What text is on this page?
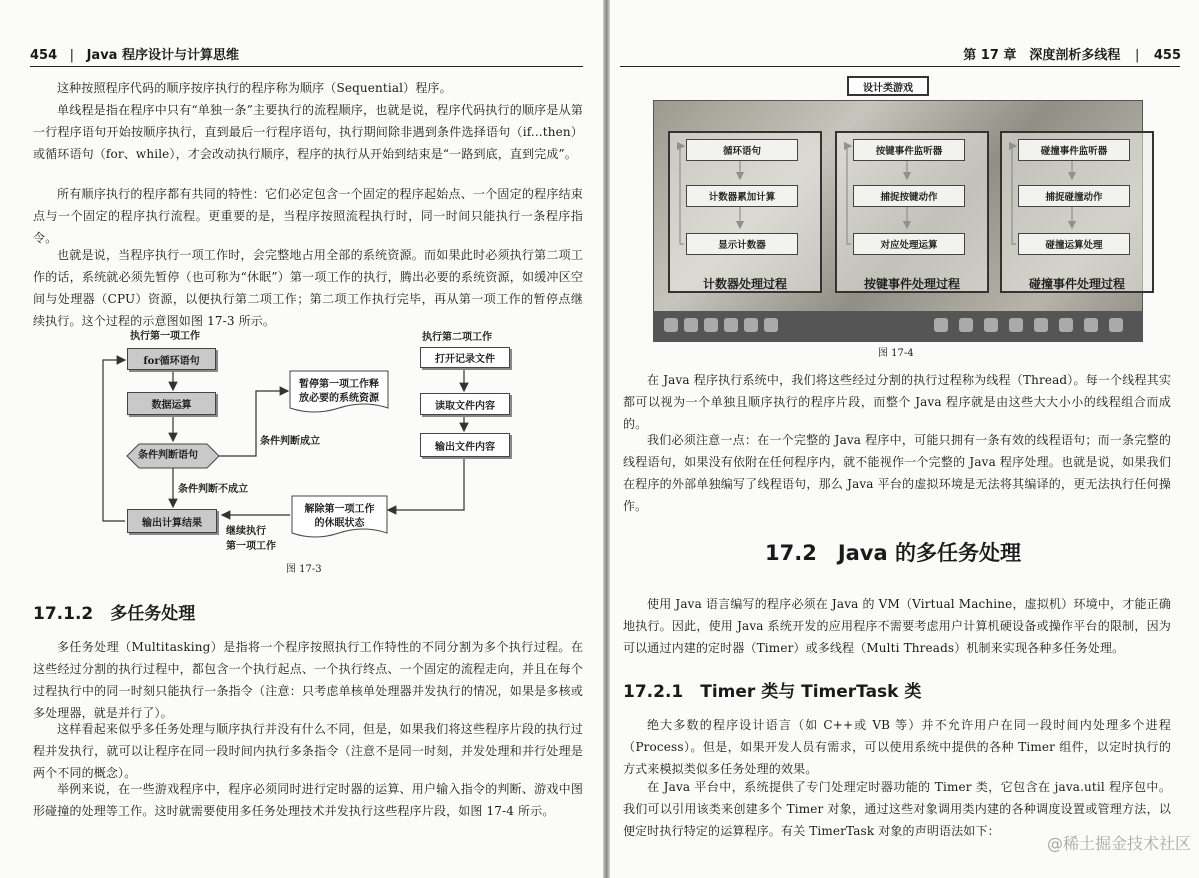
454 | Java 程序设计与计算思维

这种按照程序代码的顺序按序执行的程序称为顺序（Sequential）程序。

单线程是指在程序中只有“单独一条”主要执行的流程顺序，也就是说，程序代码执行的顺序是从第一行程序语句开始按顺序执行，直到最后一行程序语句，执行期间除非遇到条件选择语句（if...then）或循环语句（for、while），才会改动执行顺序，程序的执行从开始到结束是“一路到底，直到完成”。

所有顺序执行的程序都有共同的特性：它们必定包含一个固定的程序起始点、一个固定的程序结束点与一个固定的程序执行流程。更重要的是，当程序按照流程执行时，同一时间只能执行一条程序指令。

也就是说，当程序执行一项工作时，会完整地占用全部的系统资源。而如果此时必须执行第二项工作的话，系统就必须先暂停（也可称为“休眠”）第一项工作的执行，腾出必要的系统资源，如缓冲区空间与处理器（CPU）资源，以便执行第二项工作；第二项工作执行完毕，再从第一项工作的暂停点继续执行。这个过程的示意图如图 17-3 所示。

执行第一项工作	执行第二项工作
for循环语句
数据运算
条件判断语句
输出计算结果
暂停第一项工作释
放必要的系统资源
解除第一项工作
的休眠状态
打开记录文件
读取文件内容
输出文件内容
条件判断成立
条件判断不成立
继续执行
第一项工作
图 17-3
17.1.2　多任务处理

多任务处理（Multitasking）是指将一个程序按照执行工作特性的不同分割为多个执行过程。在这些经过分割的执行过程中，都包含一个执行起点、一个执行终点、一个固定的流程走向，并且在每个过程执行中的同一时刻只能执行一条指令（注意：只考虑单核单处理器并发执行的情况，如果是多核或多处理器，就是并行了）。

这样看起来似乎多任务处理与顺序执行并没有什么不同，但是，如果我们将这些程序片段的执行过程并发执行，就可以让程序在同一段时间内执行多条指令（注意不是同一时刻，并发处理和并行处理是两个不同的概念）。

举例来说，在一些游戏程序中，程序必须同时进行定时器的运算、用户输入指令的判断、游戏中图形碰撞的处理等工作。这时就需要使用多任务处理技术并发执行这些程序片段，如图 17-4 所示。

第 17 章　深度剖析多线程 | 455
设计类游戏
循环语句
计数器累加计算
显示计数器
计数器处理过程
按键事件监听器
捕捉按键动作
对应处理运算
按键事件处理过程
碰撞事件监听器
捕捉碰撞动作
碰撞运算处理
碰撞事件处理过程
图 17-4

在 Java 程序执行系统中，我们将这些经过分割的执行过程称为线程（Thread）。每一个线程其实都可以视为一个单独且顺序执行的程序片段，而整个 Java 程序就是由这些大大小小的线程组合而成的。

我们必须注意一点：在一个完整的 Java 程序中，可能只拥有一条有效的线程语句；而一条完整的线程语句，如果没有依附在任何程序内，就不能视作一个完整的 Java 程序处理。也就是说，如果我们在程序的外部单独编写了线程语句，那么 Java 平台的虚拟环境是无法将其编译的，更无法执行任何操作。

17.2　Java 的多任务处理

使用 Java 语言编写的程序必须在 Java 的 VM（Virtual Machine，虚拟机）环境中，才能正确地执行。因此，使用 Java 系统开发的应用程序不需要考虑用户计算机硬设备或操作平台的限制，因为可以通过内建的定时器（Timer）或多线程（Multi Threads）机制来实现各种多任务处理。

17.2.1　Timer 类与 TimerTask 类

绝大多数的程序设计语言（如 C++或 VB 等）并不允许用户在同一段时间内处理多个进程（Process）。但是，如果开发人员有需求，可以使用系统中提供的各种 Timer 组件，以定时执行的方式来模拟类似多任务处理的效果。

在 Java 平台中，系统提供了专门处理定时器功能的 Timer 类，它包含在 java.util 程序包中。我们可以引用该类来创建多个 Timer 对象，通过这些对象调用类内建的各种调度设置或管理方法，以便定时执行特定的运算程序。有关 TimerTask 对象的声明语法如下：

@稀土掘金技术社区
